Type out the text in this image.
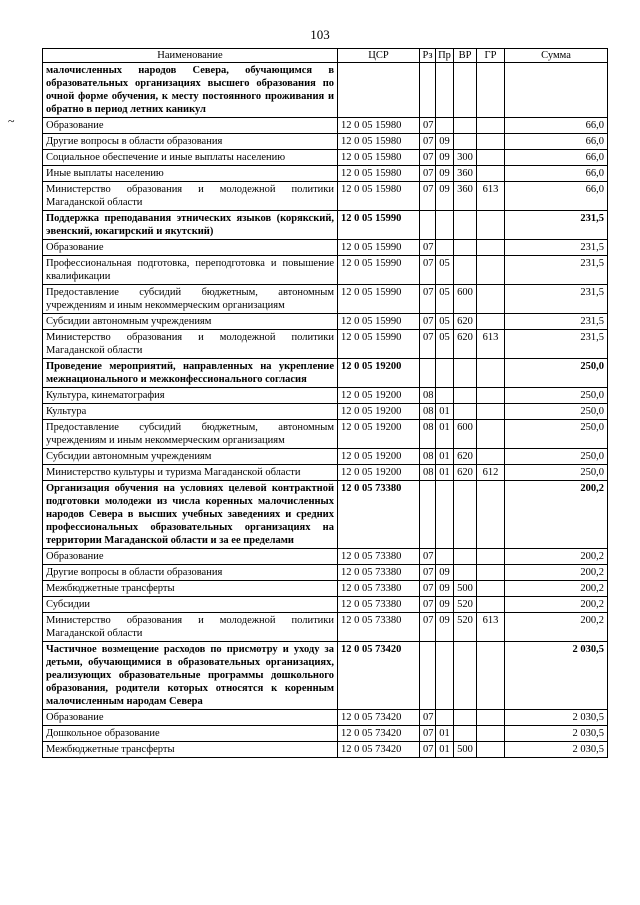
103
~
Наименование	ЦСР	Рз	Пр	ВР	ГР	Сумма
малочисленных народов Севера, обучающимся в образовательных организациях высшего образования по очной форме обучения, к месту постоянного проживания и обратно в период летних каникул						
Образование	12 0 05 15980	07				66,0
Другие вопросы в области образования	12 0 05 15980	07	09			66,0
Социальное обеспечение и иные выплаты населению	12 0 05 15980	07	09	300		66,0
Иные выплаты населению	12 0 05 15980	07	09	360		66,0
Министерство образования и молодежной политики Магаданской области	12 0 05 15980	07	09	360	613	66,0
Поддержка преподавания этнических языков (корякский, эвенский, юкагирский и якутский)	12 0 05 15990					231,5
Образование	12 0 05 15990	07				231,5
Профессиональная подготовка, переподготовка и повышение квалификации	12 0 05 15990	07	05			231,5
Предоставление субсидий бюджетным, автономным учреждениям и иным некоммерческим организациям	12 0 05 15990	07	05	600		231,5
Субсидии автономным учреждениям	12 0 05 15990	07	05	620		231,5
Министерство образования и молодежной политики Магаданской области	12 0 05 15990	07	05	620	613	231,5
Проведение мероприятий, направленных на укрепление межнационального и межконфессионального согласия	12 0 05 19200					250,0
Культура, кинематография	12 0 05 19200	08				250,0
Культура	12 0 05 19200	08	01			250,0
Предоставление субсидий бюджетным, автономным учреждениям и иным некоммерческим организациям	12 0 05 19200	08	01	600		250,0
Субсидии автономным учреждениям	12 0 05 19200	08	01	620		250,0
Министерство культуры и туризма Магаданской области	12 0 05 19200	08	01	620	612	250,0
Организация обучения на условиях целевой контрактной подготовки молодежи из числа коренных малочисленных народов Севера в высших учебных заведениях и средних профессиональных образовательных организациях на территории Магаданской области и за ее пределами	12 0 05 73380					200,2
Образование	12 0 05 73380	07				200,2
Другие вопросы в области образования	12 0 05 73380	07	09			200,2
Межбюджетные трансферты	12 0 05 73380	07	09	500		200,2
Субсидии	12 0 05 73380	07	09	520		200,2
Министерство образования и молодежной политики Магаданской области	12 0 05 73380	07	09	520	613	200,2
Частичное возмещение расходов по присмотру и уходу за детьми, обучающимися в образовательных организациях, реализующих образовательные программы дошкольного образования, родители которых относятся к коренным малочисленным народам Севера	12 0 05 73420					2 030,5
Образование	12 0 05 73420	07				2 030,5
Дошкольное образование	12 0 05 73420	07	01			2 030,5
Межбюджетные трансферты	12 0 05 73420	07	01	500		2 030,5
